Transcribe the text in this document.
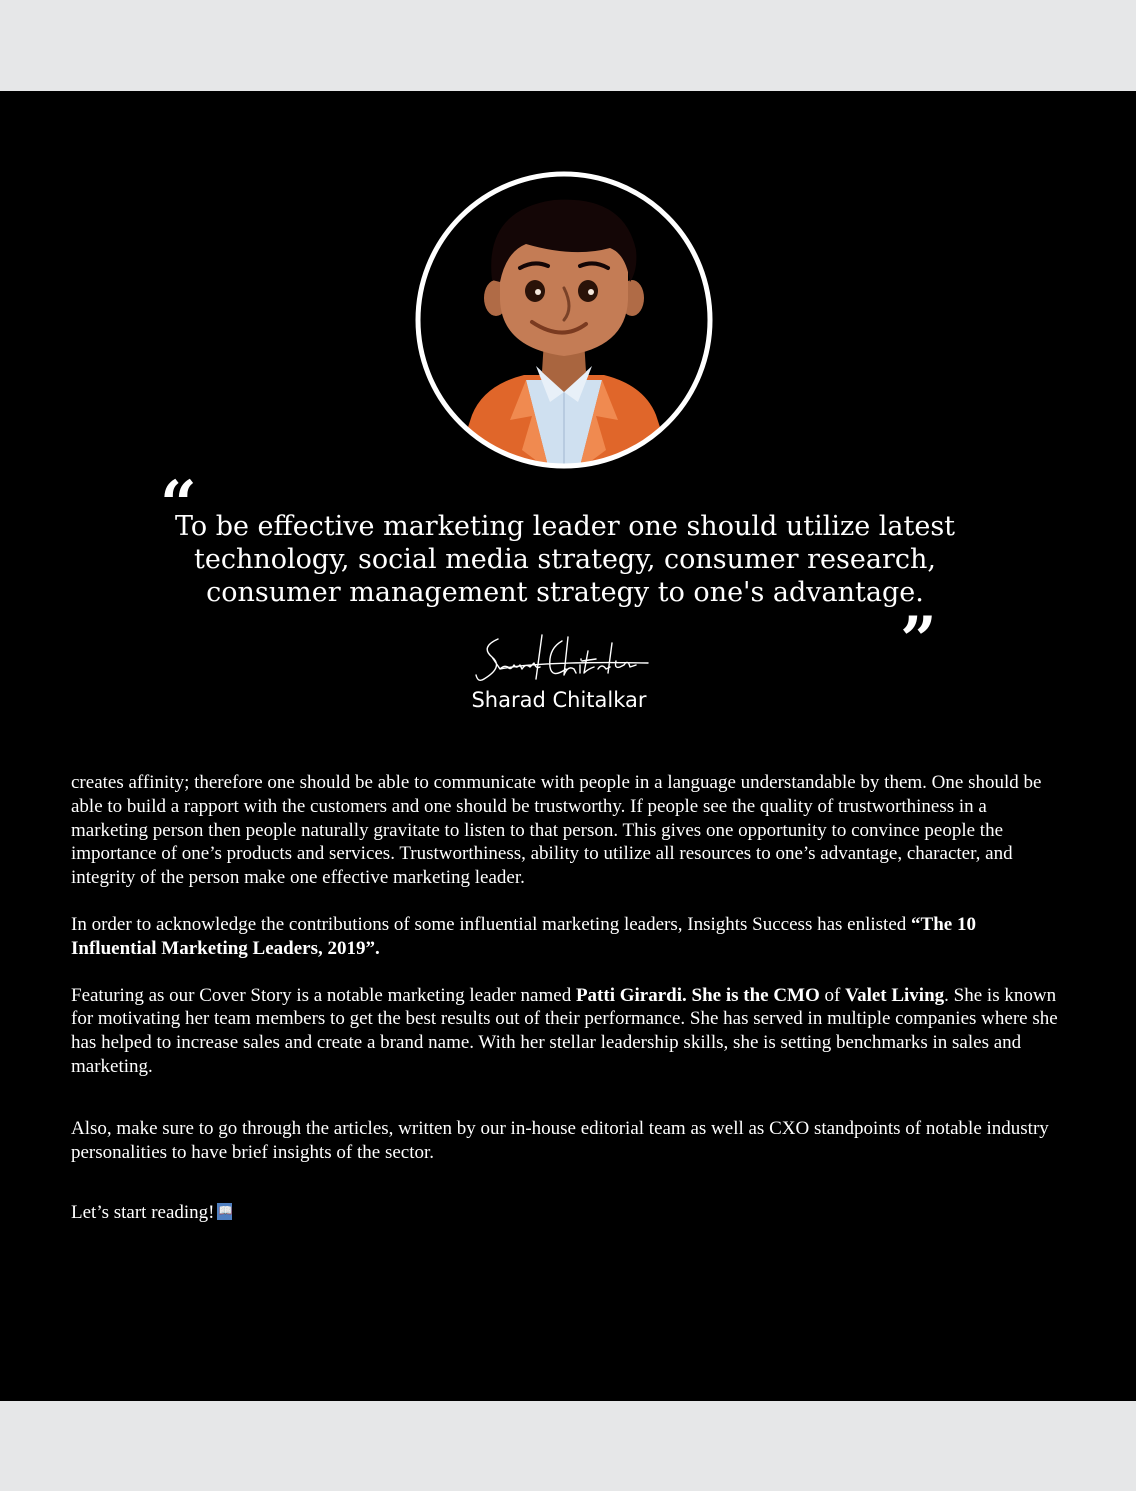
“

To be effective marketing leader one should utilize latest technology, social media strategy, consumer research, consumer management strategy to one's advantage.

”

Sharad Chitalkar

creates affinity; therefore one should be able to communicate with people in a language understandable by them. One should be able to build a rapport with the customers and one should be trustworthy. If people see the quality of trustworthiness in a marketing person then people naturally gravitate to listen to that person. This gives one opportunity to convince people the importance of one’s products and services. Trustworthiness, ability to utilize all resources to one’s advantage, character, and integrity of the person make one effective marketing leader.

In order to acknowledge the contributions of some influential marketing leaders, Insights Success has enlisted “The 10 Influential Marketing Leaders, 2019”.

Featuring as our Cover Story is a notable marketing leader named Patti Girardi. She is the CMO of Valet Living. She is known for motivating her team members to get the best results out of their performance. She has served in multiple companies where she has helped to increase sales and create a brand name. With her stellar leadership skills, she is setting benchmarks in sales and marketing.

Also, make sure to go through the articles, written by our in-house editorial team as well as CXO standpoints of notable industry personalities to have brief insights of the sector.

Let’s start reading! 📖
